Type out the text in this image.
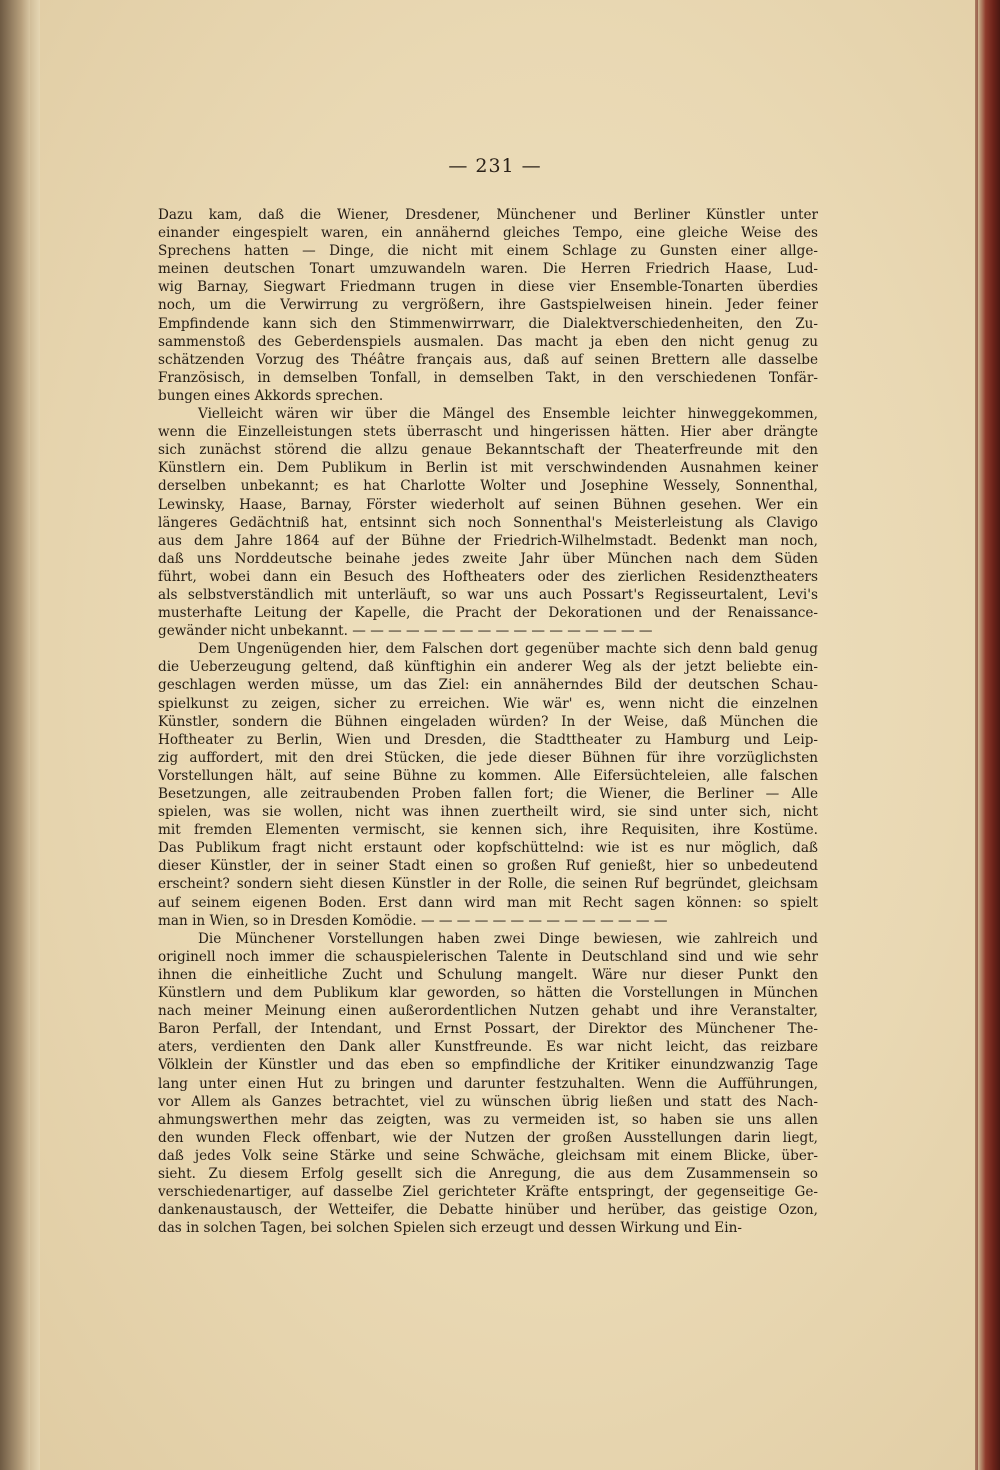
— 231 —
Dazu kam, daß die Wiener, Dresdener, Münchener und Berliner Künstler unter
einander eingespielt waren, ein annähernd gleiches Tempo, eine gleiche Weise des
Sprechens hatten — Dinge, die nicht mit einem Schlage zu Gunsten einer allge-
meinen deutschen Tonart umzuwandeln waren. Die Herren Friedrich Haase, Lud-
wig Barnay, Siegwart Friedmann trugen in diese vier Ensemble-Tonarten überdies
noch, um die Verwirrung zu vergrößern, ihre Gastspielweisen hinein. Jeder feiner
Empfindende kann sich den Stimmenwirrwarr, die Dialektverschiedenheiten, den Zu-
sammenstoß des Geberdenspiels ausmalen. Das macht ja eben den nicht genug zu
schätzenden Vorzug des Théâtre français aus, daß auf seinen Brettern alle dasselbe
Französisch, in demselben Tonfall, in demselben Takt, in den verschiedenen Tonfär-
bungen eines Akkords sprechen.
Vielleicht wären wir über die Mängel des Ensemble leichter hinweggekommen,
wenn die Einzelleistungen stets überrascht und hingerissen hätten. Hier aber drängte
sich zunächst störend die allzu genaue Bekanntschaft der Theaterfreunde mit den
Künstlern ein. Dem Publikum in Berlin ist mit verschwindenden Ausnahmen keiner
derselben unbekannt; es hat Charlotte Wolter und Josephine Wessely, Sonnenthal,
Lewinsky, Haase, Barnay, Förster wiederholt auf seinen Bühnen gesehen. Wer ein
längeres Gedächtniß hat, entsinnt sich noch Sonnenthal's Meisterleistung als Clavigo
aus dem Jahre 1864 auf der Bühne der Friedrich-Wilhelmstadt. Bedenkt man noch,
daß uns Norddeutsche beinahe jedes zweite Jahr über München nach dem Süden
führt, wobei dann ein Besuch des Hoftheaters oder des zierlichen Residenztheaters
als selbstverständlich mit unterläuft, so war uns auch Possart's Regisseurtalent, Levi's
musterhafte Leitung der Kapelle, die Pracht der Dekorationen und der Renaissance-
gewänder nicht unbekannt. — — — — — — — — — — — — — — — — —
Dem Ungenügenden hier, dem Falschen dort gegenüber machte sich denn bald genug
die Ueberzeugung geltend, daß künftighin ein anderer Weg als der jetzt beliebte ein-
geschlagen werden müsse, um das Ziel: ein annäherndes Bild der deutschen Schau-
spielkunst zu zeigen, sicher zu erreichen. Wie wär' es, wenn nicht die einzelnen
Künstler, sondern die Bühnen eingeladen würden? In der Weise, daß München die
Hoftheater zu Berlin, Wien und Dresden, die Stadttheater zu Hamburg und Leip-
zig auffordert, mit den drei Stücken, die jede dieser Bühnen für ihre vorzüglichsten
Vorstellungen hält, auf seine Bühne zu kommen. Alle Eifersüchteleien, alle falschen
Besetzungen, alle zeitraubenden Proben fallen fort; die Wiener, die Berliner — Alle
spielen, was sie wollen, nicht was ihnen zuertheilt wird, sie sind unter sich, nicht
mit fremden Elementen vermischt, sie kennen sich, ihre Requisiten, ihre Kostüme.
Das Publikum fragt nicht erstaunt oder kopfschüttelnd: wie ist es nur möglich, daß
dieser Künstler, der in seiner Stadt einen so großen Ruf genießt, hier so unbedeutend
erscheint? sondern sieht diesen Künstler in der Rolle, die seinen Ruf begründet, gleichsam
auf seinem eigenen Boden. Erst dann wird man mit Recht sagen können: so spielt
man in Wien, so in Dresden Komödie. — — — — — — — — — — — — — —
Die Münchener Vorstellungen haben zwei Dinge bewiesen, wie zahlreich und
originell noch immer die schauspielerischen Talente in Deutschland sind und wie sehr
ihnen die einheitliche Zucht und Schulung mangelt. Wäre nur dieser Punkt den
Künstlern und dem Publikum klar geworden, so hätten die Vorstellungen in München
nach meiner Meinung einen außerordentlichen Nutzen gehabt und ihre Veranstalter,
Baron Perfall, der Intendant, und Ernst Possart, der Direktor des Münchener The-
aters, verdienten den Dank aller Kunstfreunde. Es war nicht leicht, das reizbare
Völklein der Künstler und das eben so empfindliche der Kritiker einundzwanzig Tage
lang unter einen Hut zu bringen und darunter festzuhalten. Wenn die Aufführungen,
vor Allem als Ganzes betrachtet, viel zu wünschen übrig ließen und statt des Nach-
ahmungswerthen mehr das zeigten, was zu vermeiden ist, so haben sie uns allen
den wunden Fleck offenbart, wie der Nutzen der großen Ausstellungen darin liegt,
daß jedes Volk seine Stärke und seine Schwäche, gleichsam mit einem Blicke, über-
sieht. Zu diesem Erfolg gesellt sich die Anregung, die aus dem Zusammensein so
verschiedenartiger, auf dasselbe Ziel gerichteter Kräfte entspringt, der gegenseitige Ge-
dankenaustausch, der Wetteifer, die Debatte hinüber und herüber, das geistige Ozon,
das in solchen Tagen, bei solchen Spielen sich erzeugt und dessen Wirkung und Ein-
